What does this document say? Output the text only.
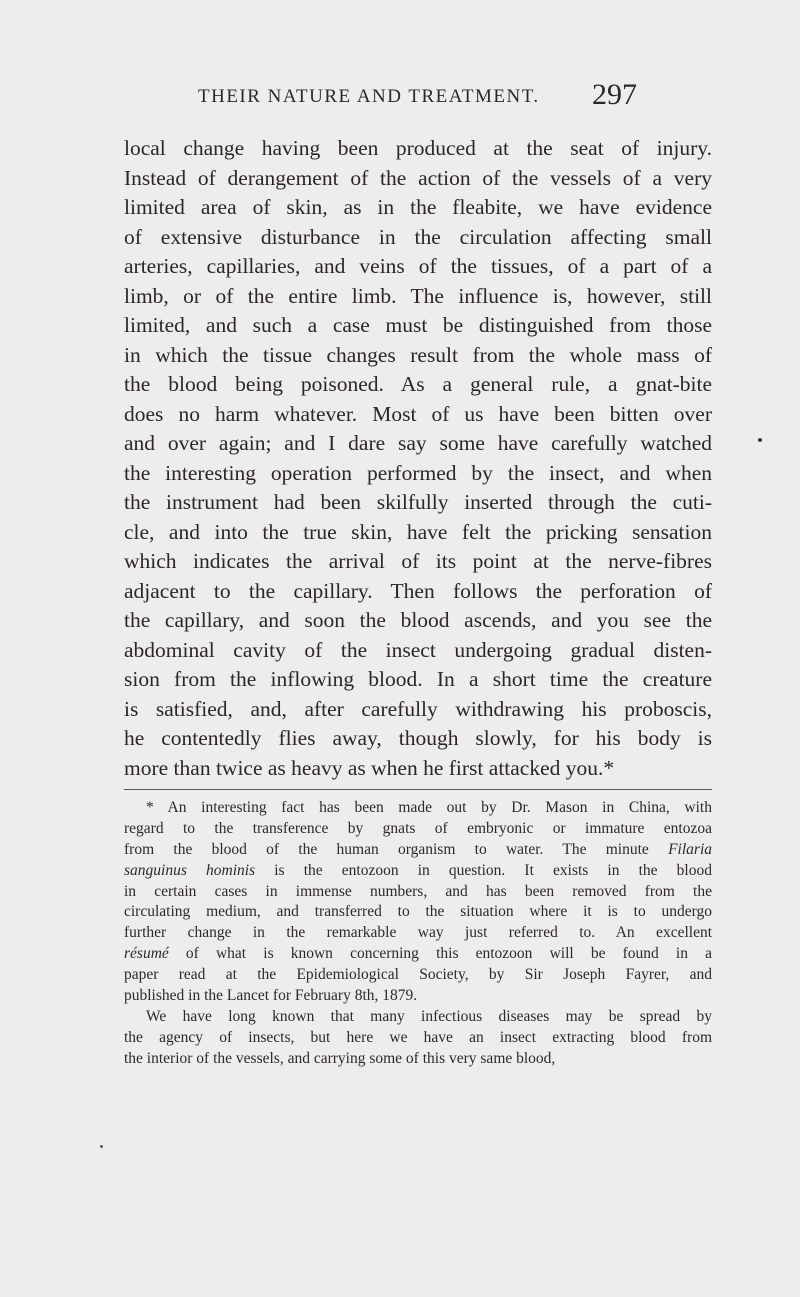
THEIR NATURE AND TREATMENT.	297
local change having been produced at the seat of injury.
Instead of derangement of the action of the vessels of a very
limited area of skin, as in the fleabite, we have evidence
of extensive disturbance in the circulation affecting small
arteries, capillaries, and veins of the tissues, of a part of a
limb, or of the entire limb. The influence is, however, still
limited, and such a case must be distinguished from those
in which the tissue changes result from the whole mass of
the blood being poisoned. As a general rule, a gnat-bite
does no harm whatever. Most of us have been bitten over
and over again; and I dare say some have carefully watched
the interesting operation performed by the insect, and when
the instrument had been skilfully inserted through the cuti-
cle, and into the true skin, have felt the pricking sensation
which indicates the arrival of its point at the nerve-fibres
adjacent to the capillary. Then follows the perforation of
the capillary, and soon the blood ascends, and you see the
abdominal cavity of the insect undergoing gradual disten-
sion from the inflowing blood. In a short time the creature
is satisfied, and, after carefully withdrawing his proboscis,
he contentedly flies away, though slowly, for his body is
more than twice as heavy as when he first attacked you.*
* An interesting fact has been made out by Dr. Mason in China, with
regard to the transference by gnats of embryonic or immature entozoa
from the blood of the human organism to water. The minute Filaria
sanguinus hominis is the entozoon in question. It exists in the blood
in certain cases in immense numbers, and has been removed from the
circulating medium, and transferred to the situation where it is to undergo
further change in the remarkable way just referred to. An excellent
résumé of what is known concerning this entozoon will be found in a
paper read at the Epidemiological Society, by Sir Joseph Fayrer, and
published in the Lancet for February 8th, 1879.
We have long known that many infectious diseases may be spread by
the agency of insects, but here we have an insect extracting blood from
the interior of the vessels, and carrying some of this very same blood,
